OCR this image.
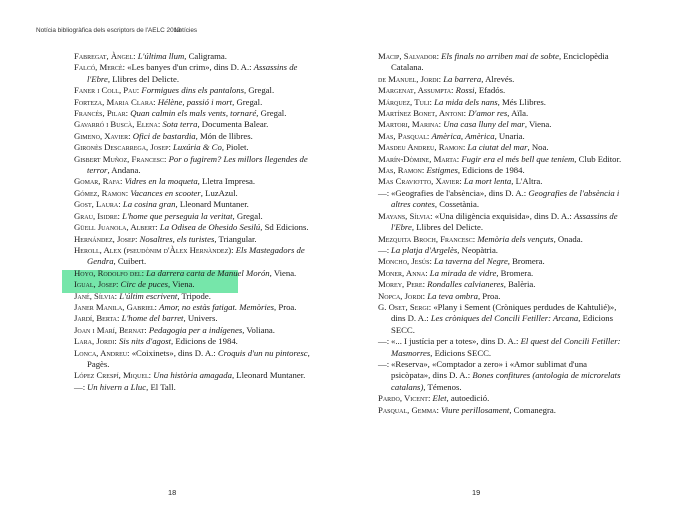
Notícies

Fabregat, Àngel: L'última llum, Caligrama.

Falcó, Mercè: «Les banyes d'un crim», dins D. A.: Assassins de l'Ebre, Llibres del Delicte.

Faner i Coll, Pau: Formigues dins els pantalons, Gregal.

Forteza, Maria Clara: Hélène, passió i mort, Gregal.

Francés, Pilar: Quan calmin els mals vents, tornaré, Gregal.

Gavarró i Buscà, Elena: Sota terra, Documenta Balear.

Gimeno, Xavier: Ofici de bastardia, Món de llibres.

Gironès Descarrega, Josep: Luxúria & Co, Piolet.

Gisbert Muñoz, Francesc: Por o fugirem? Les millors llegendes de terror, Andana.

Gomar, Rafa: Vidres en la moqueta, Lletra Impresa.

Gómez, Ramon: Vacances en scooter, LuzAzul.

Gost, Laura: La cosina gran, Lleonard Muntaner.

Grau, Isidre: L'home que perseguia la veritat, Gregal.

Güell Juanola, Albert: La Odisea de Ohesido Sesilú, Sd Edicions.

Hernández, Josep: Nosaltres, els turistes, Triangular.

Heroll, Alex (pseudònim d'Àlex Hernàndez): Els Mastegadors de Gendra, Cuibert.

Hoyo, Rodolfo del: La darrera carta de Manuel Morón, Viena.

Igual, Josep: Circ de puces, Viena.

Jané, Sílvia: L'últim escrivent, Tripode.

Janer Manila, Gabriel: Amor, no estàs fatigat. Memòries, Proa.

Jardí, Berta: L'home del barret, Univers.

Joan i Marí, Bernat: Pedagogia per a indígenes, Voliana.

Lara, Jordi: Sis nits d'agost, Edicions de 1984.

Lonca, Andreu: «Coixinets», dins D. A.: Croquis d'un nu pintoresc, Pagès.

López Crespí, Miquel: Una història amagada, Lleonard Muntaner.

—: Un hivern a Lluc, El Tall.

18
Notícia bibliogràfica dels escriptors de l'AELC 2019

Macip, Salvador: Els finals no arriben mai de sobte, Enciclopèdia Catalana.

de Manuel, Jordi: La barrera, Alrevés.

Margenat, Assumpta: Rossi, Efadós.

Márquez, Tuli: La mida dels nans, Més Llibres.

Martínez Bonet, Antoni: D'amor res, Aïla.

Martori, Marina: Una casa lluny del mar, Viena.

Mas, Pasqual: Amèrica, Amèrica, Unaria.

Masdeu Andreu, Ramon: La ciutat del mar, Noa.

Marín-Dòmine, Marta: Fugir era el més bell que teníem, Club Editor.

Mas, Ramon: Estigmes, Edicions de 1984.

Mas Craviotto, Xavier: La mort lenta, L'Altra.

—: «Geografies de l'absència», dins D. A.: Geografies de l'absència i altres contes, Cossetània.

Mayans, Sílvia: «Una diligència exquisida», dins D. A.: Assassins de l'Ebre, Llibres del Delicte.

Mezquita Broch, Francesc: Memòria dels vençuts, Onada.

—: La platja d'Argelès, Neopàtria.

Moncho, Jesús: La taverna del Negre, Bromera.

Moner, Anna: La mirada de vidre, Bromera.

Morey, Pere: Rondalles calvianeres, Balèria.

Nopca, Jordi: La teva ombra, Proa.

G. Oset, Sergi: «Plany i Sement (Cròniques perdudes de Kahtulié)», dins D. A.: Les cròniques del Concili Fetiller: Arcana, Edicions SECC.

—: «... I justícia per a totes», dins D. A.: El quest del Concili Fetiller: Masmorres, Edicions SECC.

—: «Reserva», «Comptador a zero» i «Amor sublimat d'una psicòpata», dins D. A.: Bones confitures (antologia de microrelats catalans), Témenos.

Pardo, Vicent: Elet, autoedició.

Pasqual, Gemma: Viure perillosament, Comanegra.

19
